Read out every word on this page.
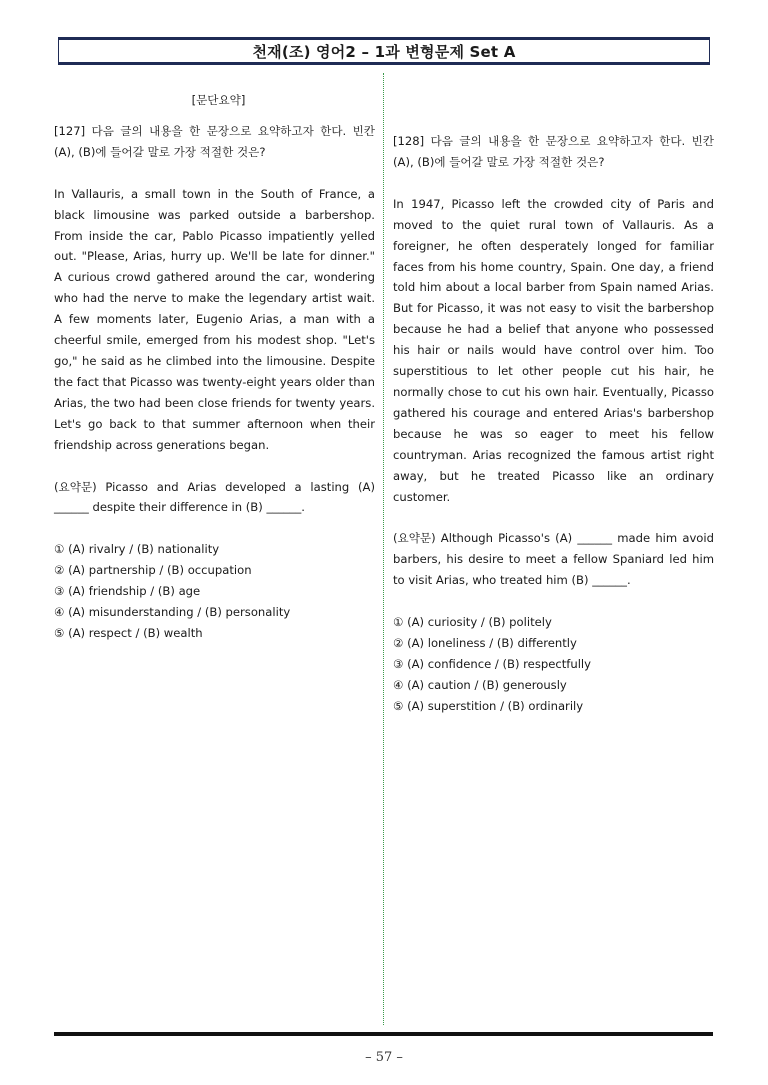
천재(조) 영어2 – 1과 변형문제 Set A
[문단요약]
[127] 다음 글의 내용을 한 문장으로 요약하고자 한다. 빈칸 (A), (B)에 들어갈 말로 가장 적절한 것은?
In Vallauris, a small town in the South of France, a black limousine was parked outside a barbershop. From inside the car, Pablo Picasso impatiently yelled out. "Please, Arias, hurry up. We'll be late for dinner." A curious crowd gathered around the car, wondering who had the nerve to make the legendary artist wait. A few moments later, Eugenio Arias, a man with a cheerful smile, emerged from his modest shop. "Let's go," he said as he climbed into the limousine. Despite the fact that Picasso was twenty-eight years older than Arias, the two had been close friends for twenty years. Let's go back to that summer afternoon when their friendship across generations began.
(요약문) Picasso and Arias developed a lasting (A) ______ despite their difference in (B) ______.
① (A) rivalry / (B) nationality
② (A) partnership / (B) occupation
③ (A) friendship / (B) age
④ (A) misunderstanding / (B) personality
⑤ (A) respect / (B) wealth
[128] 다음 글의 내용을 한 문장으로 요약하고자 한다. 빈칸 (A), (B)에 들어갈 말로 가장 적절한 것은?
In 1947, Picasso left the crowded city of Paris and moved to the quiet rural town of Vallauris. As a foreigner, he often desperately longed for familiar faces from his home country, Spain. One day, a friend told him about a local barber from Spain named Arias. But for Picasso, it was not easy to visit the barbershop because he had a belief that anyone who possessed his hair or nails would have control over him. Too superstitious to let other people cut his hair, he normally chose to cut his own hair. Eventually, Picasso gathered his courage and entered Arias's barbershop because he was so eager to meet his fellow countryman. Arias recognized the famous artist right away, but he treated Picasso like an ordinary customer.
(요약문) Although Picasso's (A) ______ made him avoid barbers, his desire to meet a fellow Spaniard led him to visit Arias, who treated him (B) ______.
① (A) curiosity / (B) politely
② (A) loneliness / (B) differently
③ (A) confidence / (B) respectfully
④ (A) caution / (B) generously
⑤ (A) superstition / (B) ordinarily
– 57 –
